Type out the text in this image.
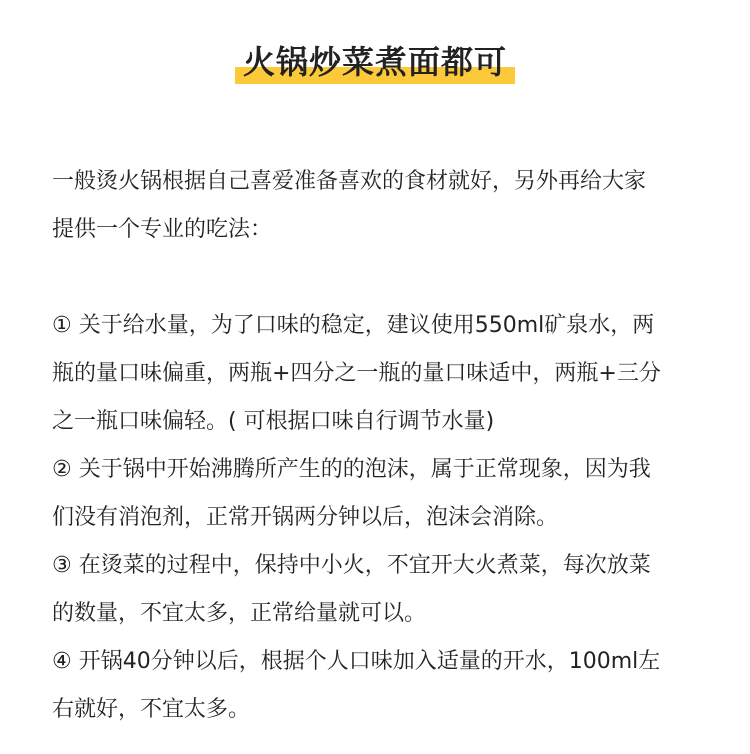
火锅炒菜煮面都可
一般烫火锅根据自己喜爱准备喜欢的食材就好，另外再给大家
提供一个专业的吃法：
① 关于给水量，为了口味的稳定，建议使用550ml矿泉水，两
瓶的量口味偏重，两瓶+四分之一瓶的量口味适中，两瓶+三分
之一瓶口味偏轻。( 可根据口味自行调节水量)
② 关于锅中开始沸腾所产生的的泡沫，属于正常现象，因为我
们没有消泡剂，正常开锅两分钟以后，泡沫会消除。
③ 在烫菜的过程中，保持中小火，不宜开大火煮菜，每次放菜
的数量，不宜太多，正常给量就可以。
④ 开锅40分钟以后，根据个人口味加入适量的开水，100ml左
右就好，不宜太多。
